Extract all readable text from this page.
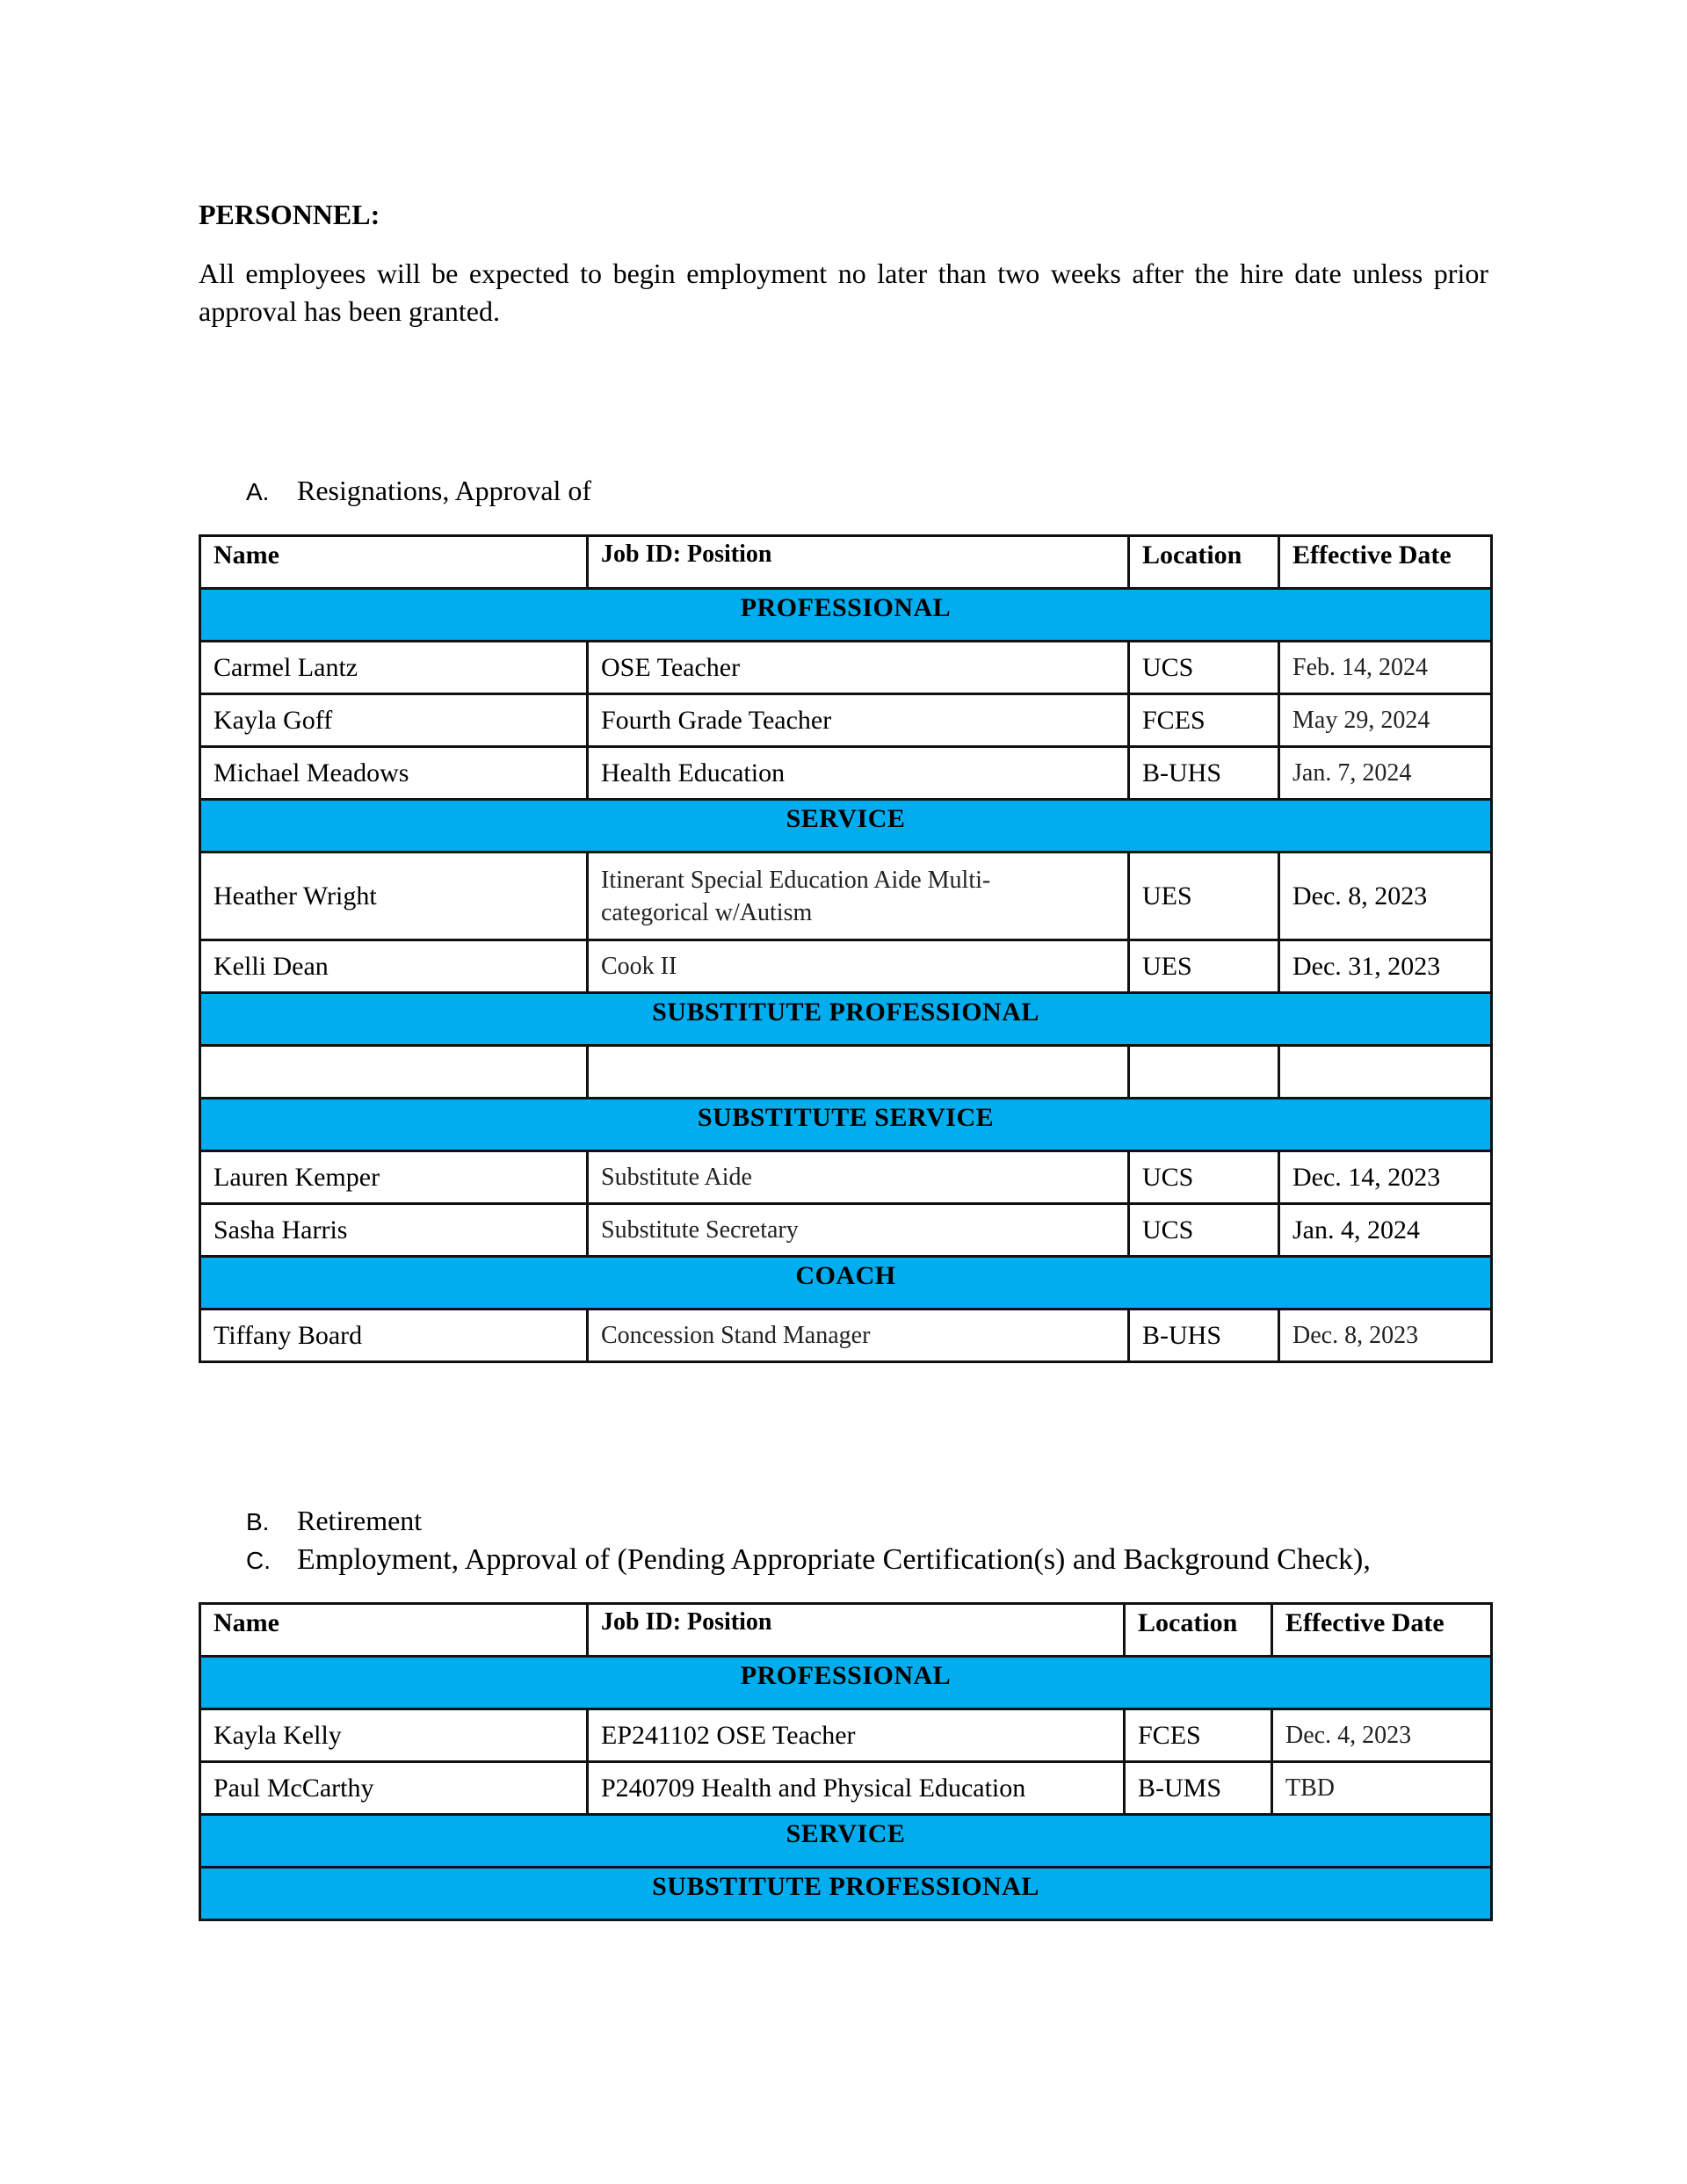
PERSONNEL:
All employees will be expected to begin employment no later than two weeks after the hire date unless prior approval has been granted.
A. Resignations, Approval of
Name	Job ID: Position	Location	Effective Date
PROFESSIONAL			
Carmel Lantz	OSE Teacher	UCS	Feb. 14, 2024
Kayla Goff	Fourth Grade Teacher	FCES	May 29, 2024
Michael Meadows	Health Education	B-UHS	Jan. 7, 2024
SERVICE			
Heather Wright	Itinerant Special Education Aide Multi-
categorical w/Autism	UES	Dec. 8, 2023
Kelli Dean	Cook II	UES	Dec. 31, 2023
SUBSTITUTE PROFESSIONAL			

SUBSTITUTE SERVICE			
Lauren Kemper	Substitute Aide	UCS	Dec. 14, 2023
Sasha Harris	Substitute Secretary	UCS	Jan. 4, 2024
COACH			
Tiffany Board	Concession Stand Manager	B-UHS	Dec. 8, 2023
B. Retirement
C. Employment, Approval of (Pending Appropriate Certification(s) and Background Check),
Name	Job ID: Position	Location	Effective Date
PROFESSIONAL			
Kayla Kelly	EP241102 OSE Teacher	FCES	Dec. 4, 2023
Paul McCarthy	P240709 Health and Physical Education	B-UMS	TBD
SERVICE			
SUBSTITUTE PROFESSIONAL			
